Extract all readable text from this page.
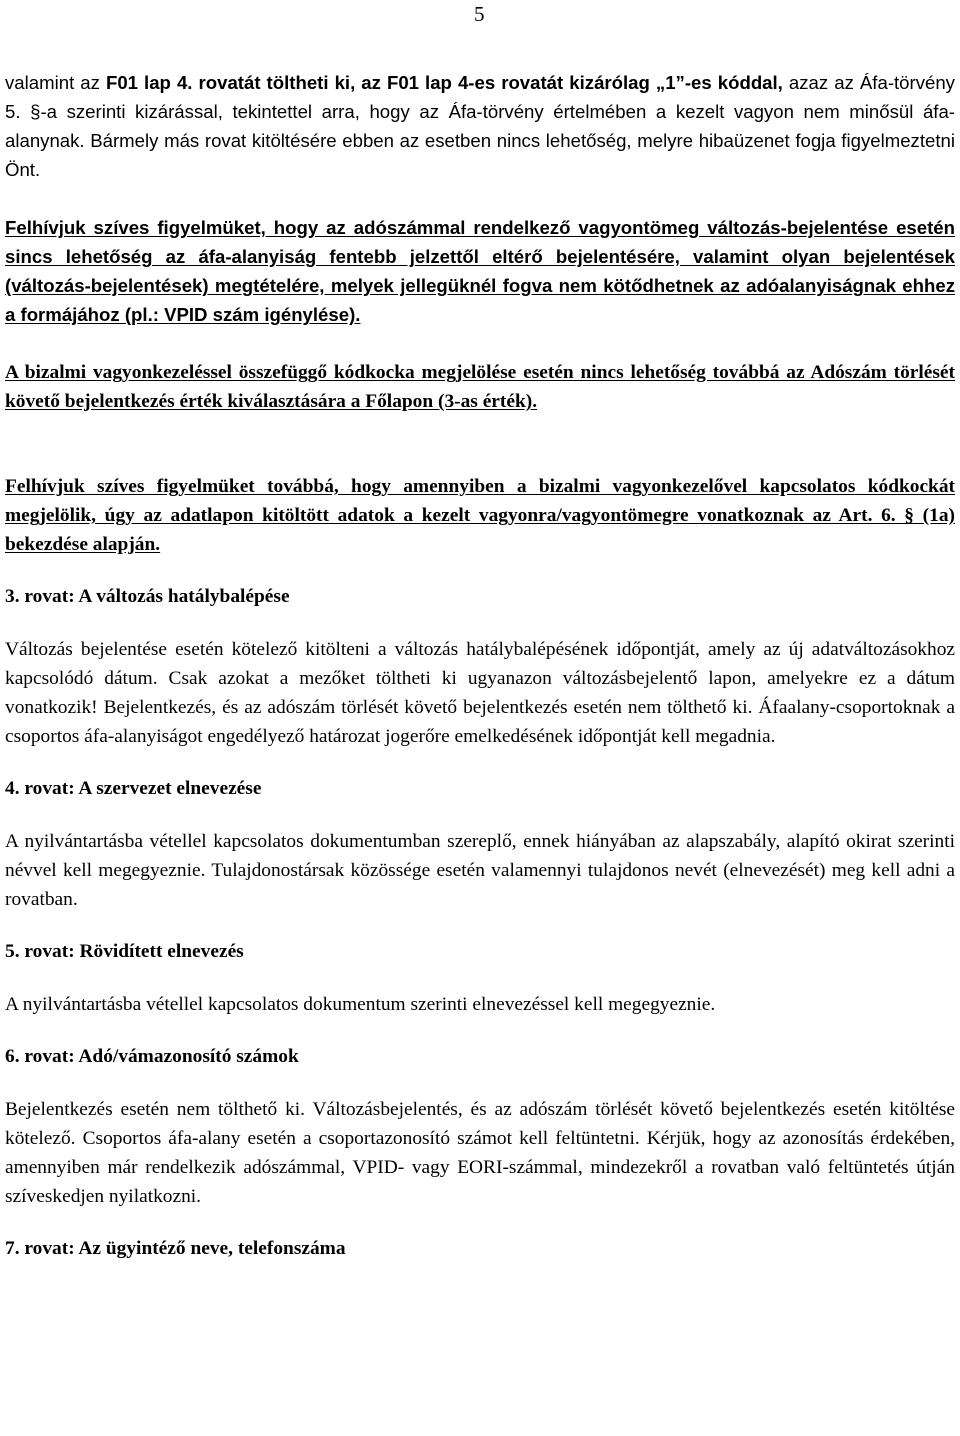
5

valamint az F01 lap 4. rovatát töltheti ki, az F01 lap 4-es rovatát kizárólag „1”-es kóddal, azaz az Áfa-törvény 5. §-a szerinti kizárással, tekintettel arra, hogy az Áfa-törvény értelmében a kezelt vagyon nem minősül áfa-alanynak. Bármely más rovat kitöltésére ebben az esetben nincs lehetőség, melyre hibaüzenet fogja figyelmeztetni Önt.

Felhívjuk szíves figyelmüket, hogy az adószámmal rendelkező vagyontömeg változás-bejelentése esetén sincs lehetőség az áfa-alanyiság fentebb jelzettől eltérő bejelentésére, valamint olyan bejelentések (változás-bejelentések) megtételére, melyek jellegüknél fogva nem kötődhetnek az adóalanyiságnak ehhez a formájához (pl.: VPID szám igénylése).

A bizalmi vagyonkezeléssel összefüggő kódkocka megjelölése esetén nincs lehetőség továbbá az Adószám törlését követő bejelentkezés érték kiválasztására a Főlapon (3-as érték).

Felhívjuk szíves figyelmüket továbbá, hogy amennyiben a bizalmi vagyonkezelővel kapcsolatos kódkockát megjelölik, úgy az adatlapon kitöltött adatok a kezelt vagyonra/vagyontömegre vonatkoznak az Art. 6. § (1a) bekezdése alapján.

3. rovat: A változás hatálybalépése

Változás bejelentése esetén kötelező kitölteni a változás hatálybalépésének időpontját, amely az új adatváltozásokhoz kapcsolódó dátum. Csak azokat a mezőket töltheti ki ugyanazon változásbejelentő lapon, amelyekre ez a dátum vonatkozik! Bejelentkezés, és az adószám törlését követő bejelentkezés esetén nem tölthető ki. Áfaalany-csoportoknak a csoportos áfa-alanyiságot engedélyező határozat jogerőre emelkedésének időpontját kell megadnia.

4. rovat: A szervezet elnevezése

A nyilvántartásba vétellel kapcsolatos dokumentumban szereplő, ennek hiányában az alapszabály, alapító okirat szerinti névvel kell megegyeznie. Tulajdonostársak közössége esetén valamennyi tulajdonos nevét (elnevezését) meg kell adni a rovatban.

5. rovat: Rövidített elnevezés

A nyilvántartásba vétellel kapcsolatos dokumentum szerinti elnevezéssel kell megegyeznie.

6. rovat: Adó/vámazonosító számok

Bejelentkezés esetén nem tölthető ki. Változásbejelentés, és az adószám törlését követő bejelentkezés esetén kitöltése kötelező. Csoportos áfa-alany esetén a csoportazonosító számot kell feltüntetni. Kérjük, hogy az azonosítás érdekében, amennyiben már rendelkezik adószámmal, VPID- vagy EORI-számmal, mindezekről a rovatban való feltüntetés útján szíveskedjen nyilatkozni.

7. rovat: Az ügyintéző neve, telefonszáma
